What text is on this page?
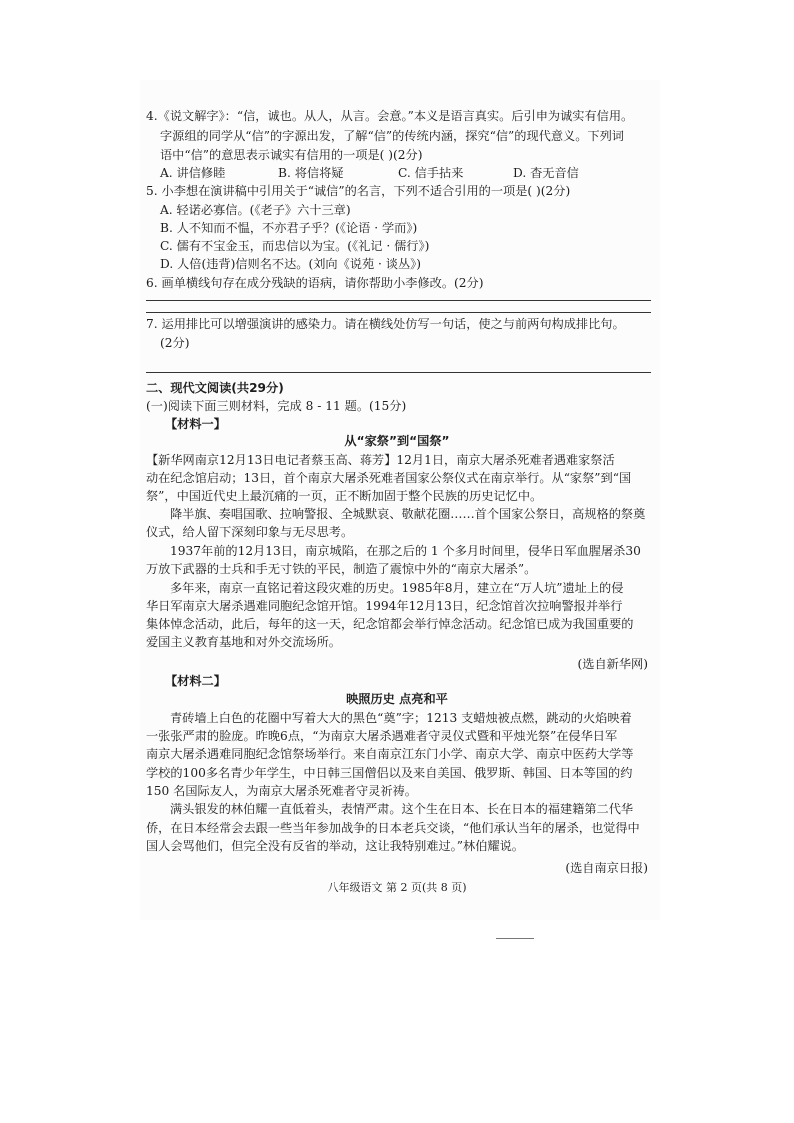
4.《说文解字》：“信，诚也。从人，从言。会意。”本义是语言真实。后引申为诚实有信用。
字源组的同学从“信”的字源出发，了解“信”的传统内涵，探究“信”的现代意义。下列词
语中“信”的意思表示诚实有信用的一项是( )(2分)
A. 讲信修睦	B. 将信将疑	C. 信手拈来	D. 杳无音信
5. 小李想在演讲稿中引用关于“诚信”的名言，下列不适合引用的一项是( )(2分)
A. 轻诺必寡信。(《老子》六十三章)
B. 人不知而不愠，不亦君子乎？(《论语 · 学而》)
C. 儒有不宝金玉，而忠信以为宝。(《礼记 · 儒行》)
D. 人倍(违背)信则名不达。(刘向《说苑 · 谈丛》)
6. 画单横线句存在成分残缺的语病，请你帮助小李修改。(2分)
7. 运用排比可以增强演讲的感染力。请在横线处仿写一句话，使之与前两句构成排比句。
(2分)
二、现代文阅读(共29分)
(一)阅读下面三则材料，完成 8 - 11 题。(15分)
【材料一】
从“家祭”到“国祭”
【新华网南京12月13日电记者蔡玉高、蒋芳】12月1日，南京大屠杀死难者遇难家祭活
动在纪念馆启动；13日，首个南京大屠杀死难者国家公祭仪式在南京举行。从“家祭”到“国
祭”，中国近代史上最沉痛的一页，正不断加固于整个民族的历史记忆中。
降半旗、奏唱国歌、拉响警报、全城默哀、敬献花圈……首个国家公祭日，高规格的祭奠
仪式，给人留下深刻印象与无尽思考。
1937年前的12月13日，南京城陷，在那之后的 1 个多月时间里，侵华日军血腥屠杀30
万放下武器的士兵和手无寸铁的平民，制造了震惊中外的“南京大屠杀”。
多年来，南京一直铭记着这段灾难的历史。1985年8月，建立在“万人坑”遗址上的侵
华日军南京大屠杀遇难同胞纪念馆开馆。1994年12月13日，纪念馆首次拉响警报并举行
集体悼念活动，此后，每年的这一天，纪念馆都会举行悼念活动。纪念馆已成为我国重要的
爱国主义教育基地和对外交流场所。
(选自新华网)
【材料二】
映照历史 点亮和平
青砖墙上白色的花圈中写着大大的黑色“奠”字；1213 支蜡烛被点燃，跳动的火焰映着
一张张严肃的脸庞。昨晚6点，“为南京大屠杀遇难者守灵仪式暨和平烛光祭”在侵华日军
南京大屠杀遇难同胞纪念馆祭场举行。来自南京江东门小学、南京大学、南京中医药大学等
学校的100多名青少年学生，中日韩三国僧侣以及来自美国、俄罗斯、韩国、日本等国的约
150 名国际友人，为南京大屠杀死难者守灵祈祷。
满头银发的林伯耀一直低着头，表情严肃。这个生在日本、长在日本的福建籍第二代华
侨，在日本经常会去跟一些当年参加战争的日本老兵交谈，“他们承认当年的屠杀，也觉得中
国人会骂他们，但完全没有反省的举动，这让我特别难过。”林伯耀说。
(选自南京日报)
八年级语文 第 2 页(共 8 页)
